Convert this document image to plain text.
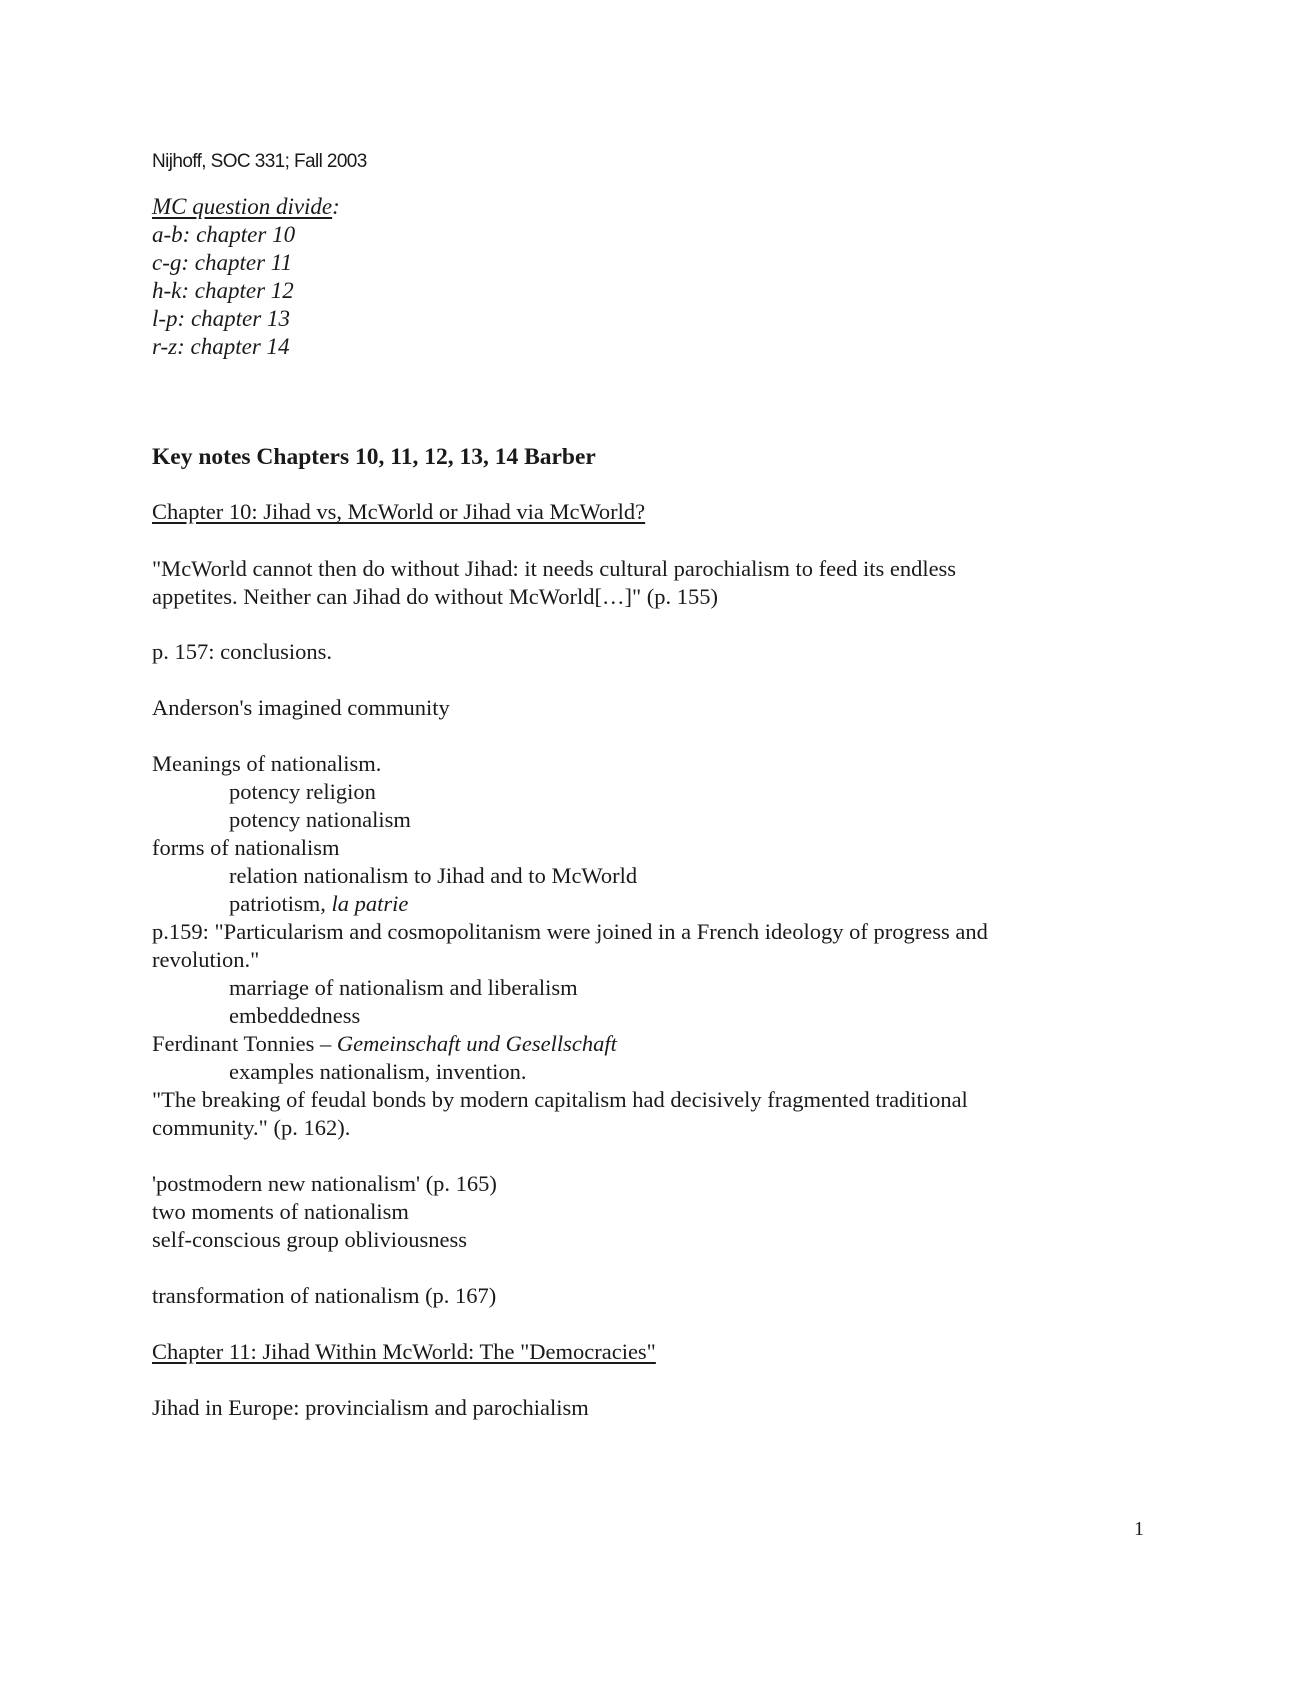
Nijhoff, SOC 331; Fall 2003
MC question divide:
a-b: chapter 10
c-g: chapter 11
h-k: chapter 12
l-p: chapter 13
r-z: chapter 14
Key notes Chapters 10, 11, 12, 13, 14 Barber
Chapter 10: Jihad vs, McWorld or Jihad via McWorld?
"McWorld cannot then do without Jihad: it needs cultural parochialism to feed its endless
appetites. Neither can Jihad do without McWorld[…]" (p. 155)
p. 157: conclusions.
Anderson's imagined community
Meanings of nationalism.
potency religion
potency nationalism
forms of nationalism
relation nationalism to Jihad and to McWorld
patriotism, la patrie
p.159: "Particularism and cosmopolitanism were joined in a French ideology of progress and
revolution."
marriage of nationalism and liberalism
embeddedness
Ferdinant Tonnies – Gemeinschaft und Gesellschaft
examples nationalism, invention.
"The breaking of feudal bonds by modern capitalism had decisively fragmented traditional
community." (p. 162).
'postmodern new nationalism' (p. 165)
two moments of nationalism
self-conscious group obliviousness
transformation of nationalism (p. 167)
Chapter 11: Jihad Within McWorld: The "Democracies"
Jihad in Europe: provincialism and parochialism
1
